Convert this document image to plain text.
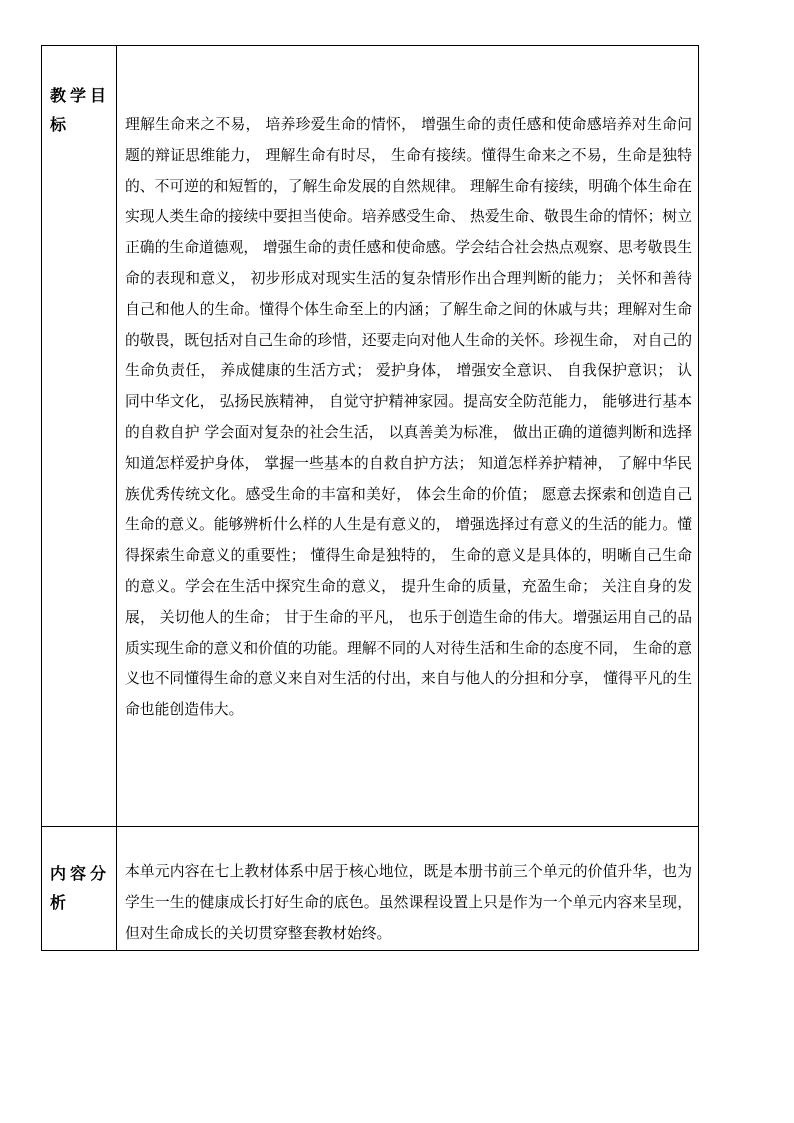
教学目标	理解生命来之不易， 培养珍爱生命的情怀， 增强生命的责任感和使命感培养对生命问题的辩证思维能力， 理解生命有时尽， 生命有接续。懂得生命来之不易，生命是独特的、不可逆的和短暂的，了解生命发展的自然规律。 理解生命有接续，明确个体生命在实现人类生命的接续中要担当使命。培养感受生命、 热爱生命、敬畏生命的情怀；树立正确的生命道德观， 增强生命的责任感和使命感。学会结合社会热点观察、思考敬畏生命的表现和意义， 初步形成对现实生活的复杂情形作出合理判断的能力； 关怀和善待自己和他人的生命。懂得个体生命至上的内涵；了解生命之间的休戚与共；理解对生命的敬畏，既包括对自己生命的珍惜，还要走向对他人生命的关怀。珍视生命， 对自己的生命负责任， 养成健康的生活方式； 爱护身体， 增强安全意识、 自我保护意识； 认同中华文化， 弘扬民族精神， 自觉守护精神家园。提高安全防范能力， 能够进行基本的自救自护 学会面对复杂的社会生活， 以真善美为标准， 做出正确的道德判断和选择知道怎样爱护身体， 掌握一些基本的自救自护方法； 知道怎样养护精神， 了解中华民族优秀传统文化。感受生命的丰富和美好， 体会生命的价值； 愿意去探索和创造自己生命的意义。能够辨析什么样的人生是有意义的， 增强选择过有意义的生活的能力。懂得探索生命意义的重要性； 懂得生命是独特的， 生命的意义是具体的，明晰自己生命的意义。学会在生活中探究生命的意义， 提升生命的质量，充盈生命； 关注自身的发展， 关切他人的生命； 甘于生命的平凡， 也乐于创造生命的伟大。增强运用自己的品质实现生命的意义和价值的功能。理解不同的人对待生活和生命的态度不同， 生命的意义也不同懂得生命的意义来自对生活的付出，来自与他人的分担和分享， 懂得平凡的生命也能创造伟大。

内容分析	本单元内容在七上教材体系中居于核心地位，既是本册书前三个单元的价值升华，也为学生一生的健康成长打好生命的底色。虽然课程设置上只是作为一个单元内容来呈现，但对生命成长的关切贯穿整套教材始终。
